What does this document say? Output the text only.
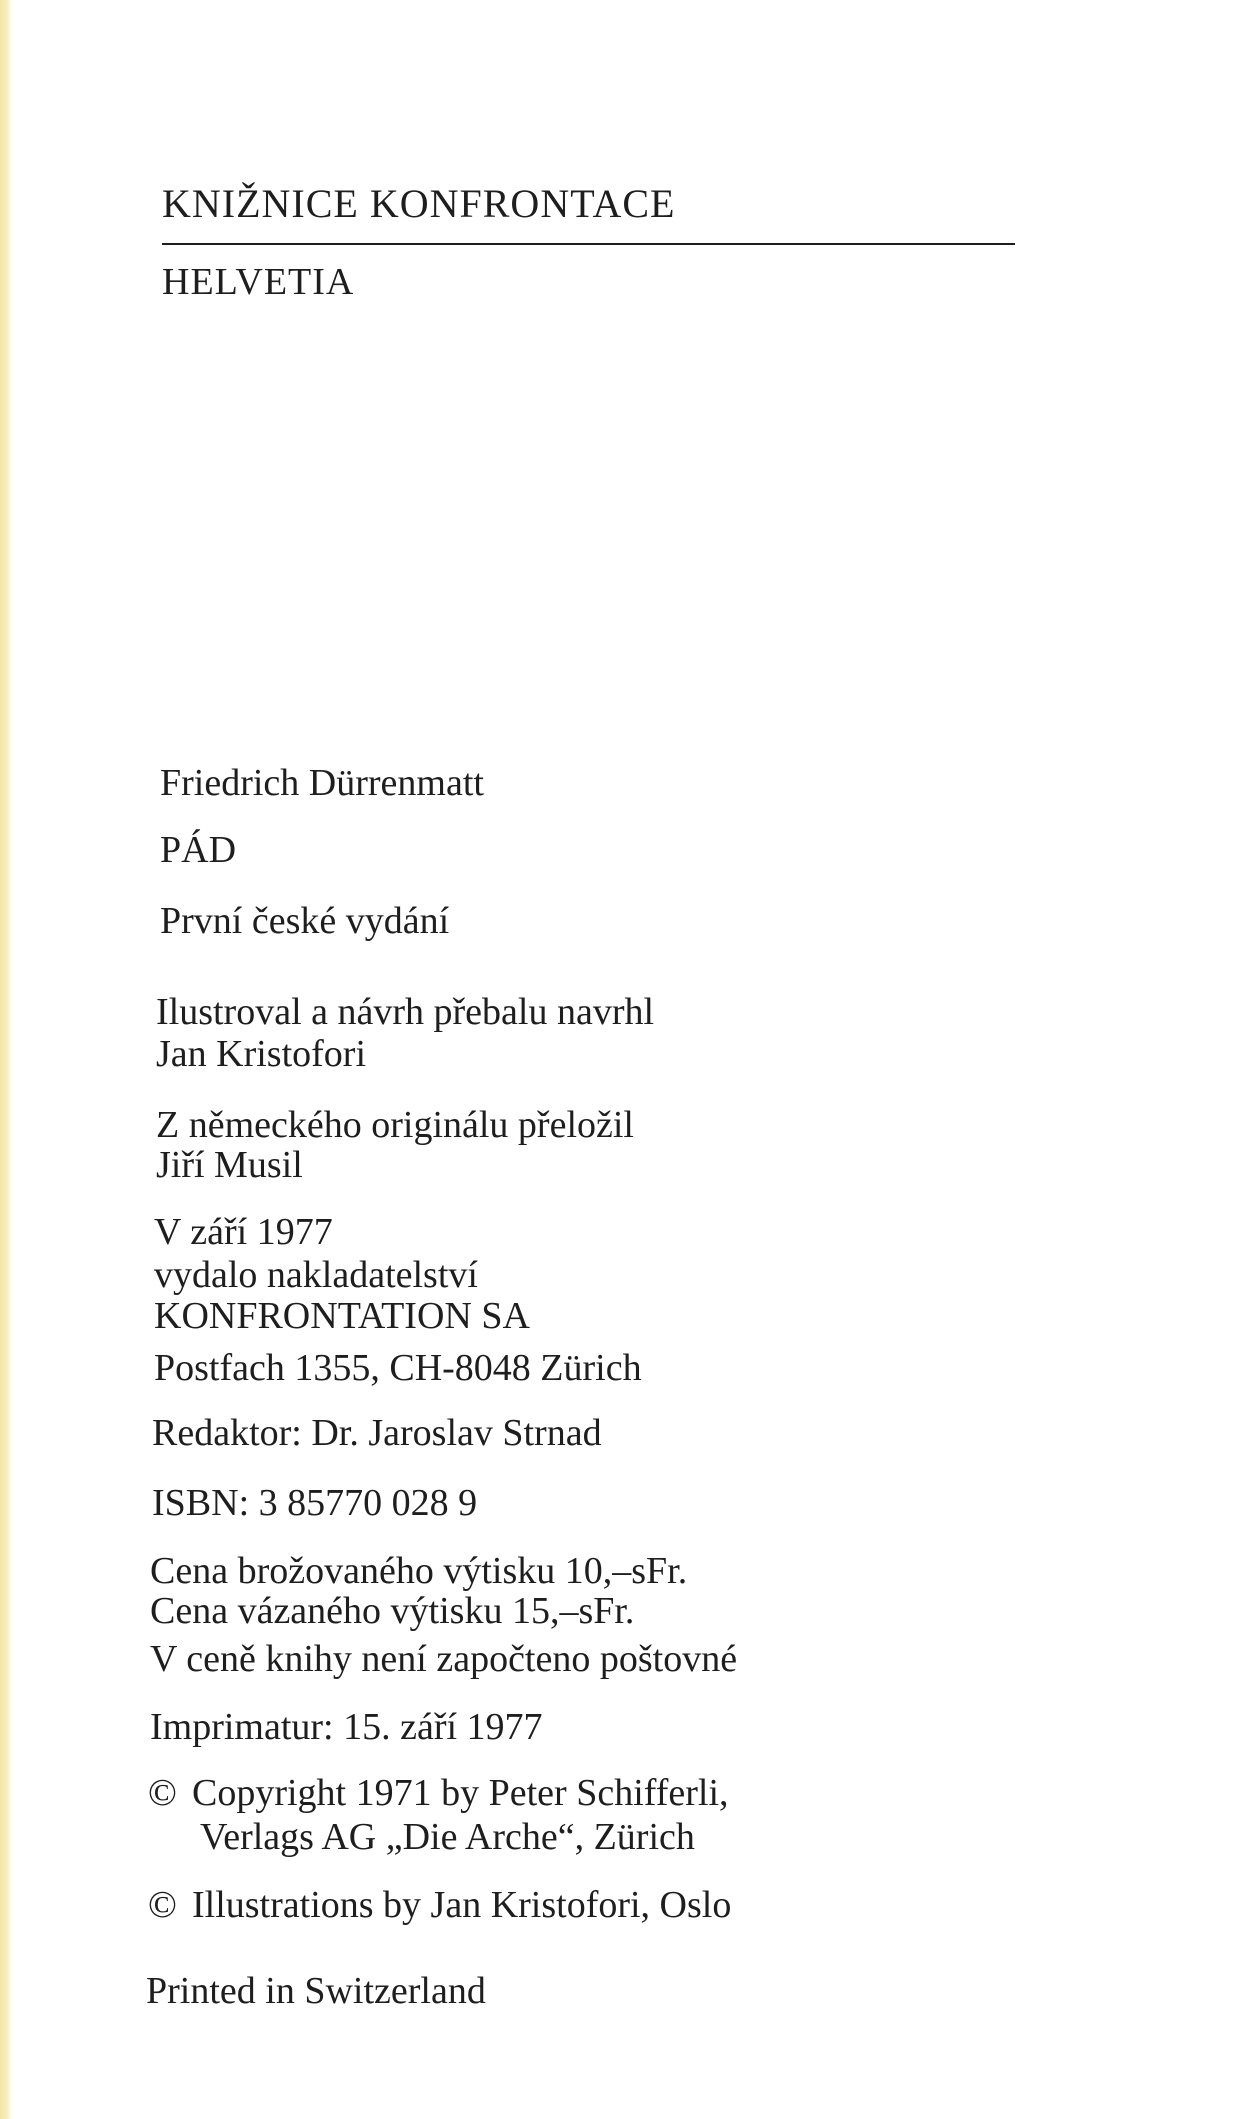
KNIŽNICE KONFRONTACE
HELVETIA
Friedrich Dürrenmatt
PÁD
První české vydání
Ilustroval a návrh přebalu navrhl
Jan Kristofori
Z německého originálu přeložil
Jiří Musil
V září 1977
vydalo nakladatelství
KONFRONTATION SA
Postfach 1355, CH-8048 Zürich
Redaktor: Dr. Jaroslav Strnad
ISBN: 3 85770 028 9
Cena brožovaného výtisku 10,–sFr.
Cena vázaného výtisku 15,–sFr.
V ceně knihy není započteno poštovné
Imprimatur: 15. září 1977
© Copyright 1971 by Peter Schifferli,
Verlags AG „Die Arche“, Zürich
© Illustrations by Jan Kristofori, Oslo
Printed in Switzerland
